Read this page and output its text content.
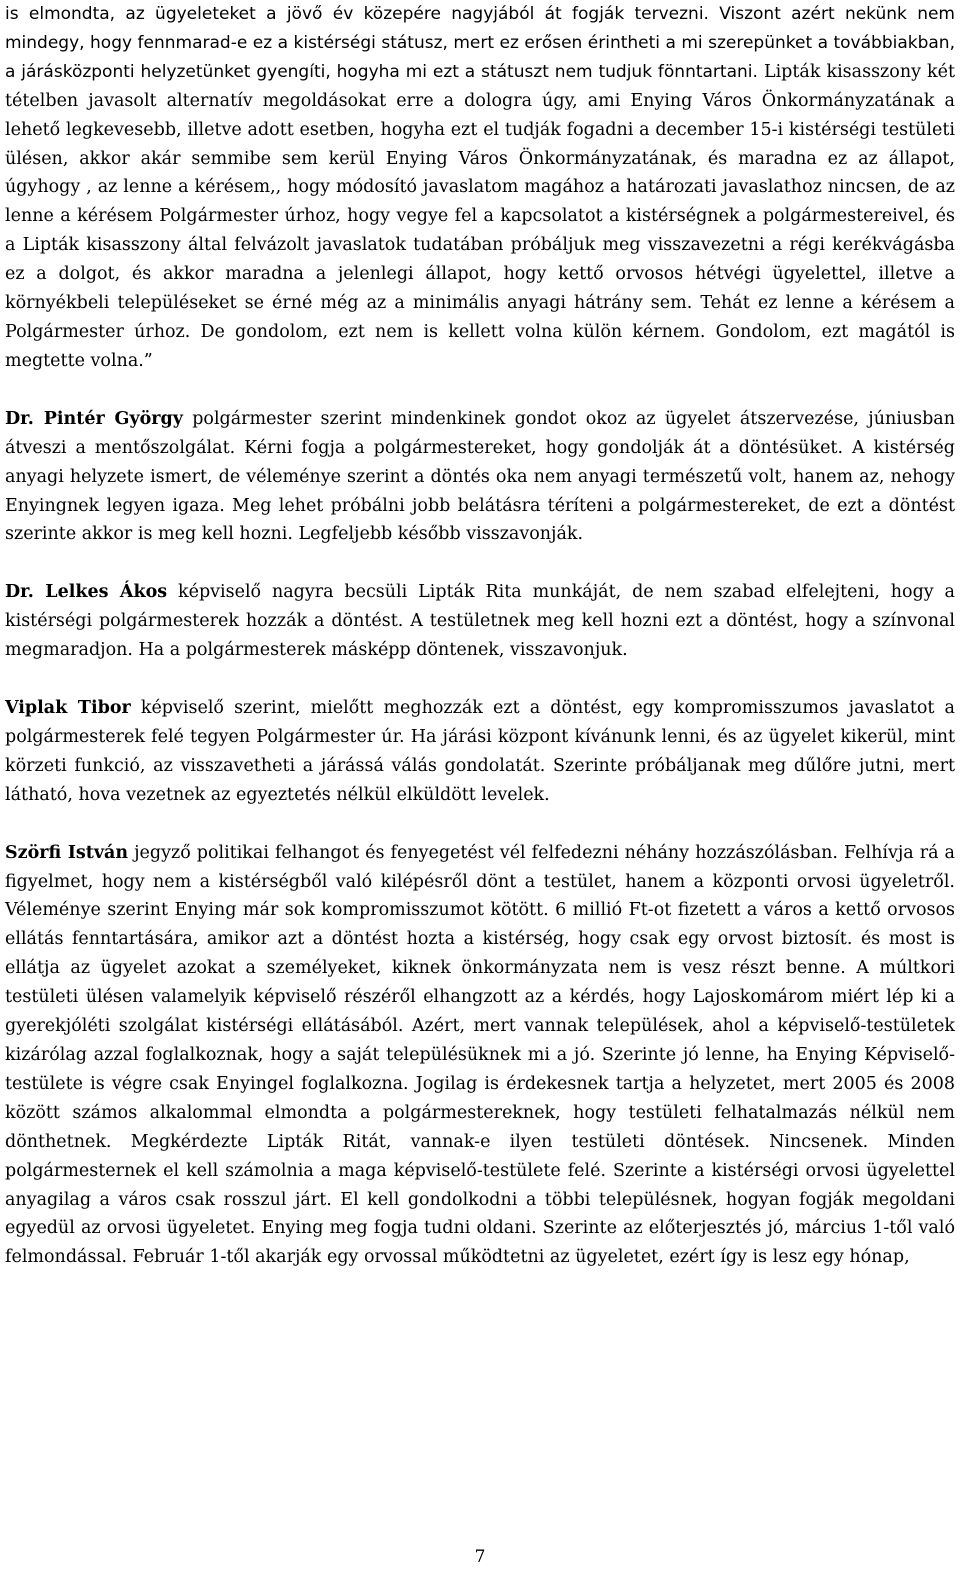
is elmondta, az ügyeleteket a jövő év közepére nagyjából át fogják tervezni. Viszont azért nekünk nem mindegy, hogy fennmarad-e ez a kistérségi státusz, mert ez erősen érintheti a mi szerepünket a továbbiakban, a járásközponti helyzetünket gyengíti, hogyha mi ezt a státuszt nem tudjuk fönntartani. Lipták kisasszony két tételben javasolt alternatív megoldásokat erre a dologra úgy, ami Enying Város Önkormányzatának a lehető legkevesebb, illetve adott esetben, hogyha ezt el tudják fogadni a december 15-i kistérségi testületi ülésen, akkor akár semmibe sem kerül Enying Város Önkormányzatának, és maradna ez az állapot, úgyhogy , az lenne a kérésem,, hogy módosító javaslatom magához a határozati javaslathoz nincsen, de az lenne a kérésem Polgármester úrhoz, hogy vegye fel a kapcsolatot a kistérségnek a polgármestereivel, és a Lipták kisasszony által felvázolt javaslatok tudatában próbáljuk meg visszavezetni a régi kerékvágásba ez a dolgot, és akkor maradna a jelenlegi állapot, hogy kettő orvosos hétvégi ügyelettel, illetve a környékbeli településeket se érné még az a minimális anyagi hátrány sem. Tehát ez lenne a kérésem a Polgármester úrhoz. De gondolom, ezt nem is kellett volna külön kérnem. Gondolom, ezt magától is megtette volna.”

Dr. Pintér György polgármester szerint mindenkinek gondot okoz az ügyelet átszervezése, júniusban átveszi a mentőszolgálat. Kérni fogja a polgármestereket, hogy gondolják át a döntésüket. A kistérség anyagi helyzete ismert, de véleménye szerint a döntés oka nem anyagi természetű volt, hanem az, nehogy Enyingnek legyen igaza. Meg lehet próbálni jobb belátásra téríteni a polgármestereket, de ezt a döntést szerinte akkor is meg kell hozni. Legfeljebb később visszavonják.

Dr. Lelkes Ákos képviselő nagyra becsüli Lipták Rita munkáját, de nem szabad elfelejteni, hogy a kistérségi polgármesterek hozzák a döntést. A testületnek meg kell hozni ezt a döntést, hogy a színvonal megmaradjon. Ha a polgármesterek másképp döntenek, visszavonjuk.

Viplak Tibor képviselő szerint, mielőtt meghozzák ezt a döntést, egy kompromisszumos javaslatot a polgármesterek felé tegyen Polgármester úr. Ha járási központ kívánunk lenni, és az ügyelet kikerül, mint körzeti funkció, az visszavetheti a járássá válás gondolatát. Szerinte próbáljanak meg dűlőre jutni, mert látható, hova vezetnek az egyeztetés nélkül elküldött levelek.

Szörfi István jegyző politikai felhangot és fenyegetést vél felfedezni néhány hozzászólásban. Felhívja rá a figyelmet, hogy nem a kistérségből való kilépésről dönt a testület, hanem a központi orvosi ügyeletről. Véleménye szerint Enying már sok kompromisszumot kötött. 6 millió Ft-ot fizetett a város a kettő orvosos ellátás fenntartására, amikor azt a döntést hozta a kistérség, hogy csak egy orvost biztosít. és most is ellátja az ügyelet azokat a személyeket, kiknek önkormányzata nem is vesz részt benne. A múltkori testületi ülésen valamelyik képviselő részéről elhangzott az a kérdés, hogy Lajoskomárom miért lép ki a gyerekjóléti szolgálat kistérségi ellátásából. Azért, mert vannak települések, ahol a képviselő-testületek kizárólag azzal foglalkoznak, hogy a saját településüknek mi a jó. Szerinte jó lenne, ha Enying Képviselő-testülete is végre csak Enyingel foglalkozna. Jogilag is érdekesnek tartja a helyzetet, mert 2005 és 2008 között számos alkalommal elmondta a polgármestereknek, hogy testületi felhatalmazás nélkül nem dönthetnek. Megkérdezte Lipták Ritát, vannak-e ilyen testületi döntések. Nincsenek. Minden polgármesternek el kell számolnia a maga képviselő-testülete felé. Szerinte a kistérségi orvosi ügyelettel anyagilag a város csak rosszul járt. El kell gondolkodni a többi településnek, hogyan fogják megoldani egyedül az orvosi ügyeletet. Enying meg fogja tudni oldani. Szerinte az előterjesztés jó, március 1-től való felmondással. Február 1-től akarják egy orvossal működtetni az ügyeletet, ezért így is lesz egy hónap,

7
